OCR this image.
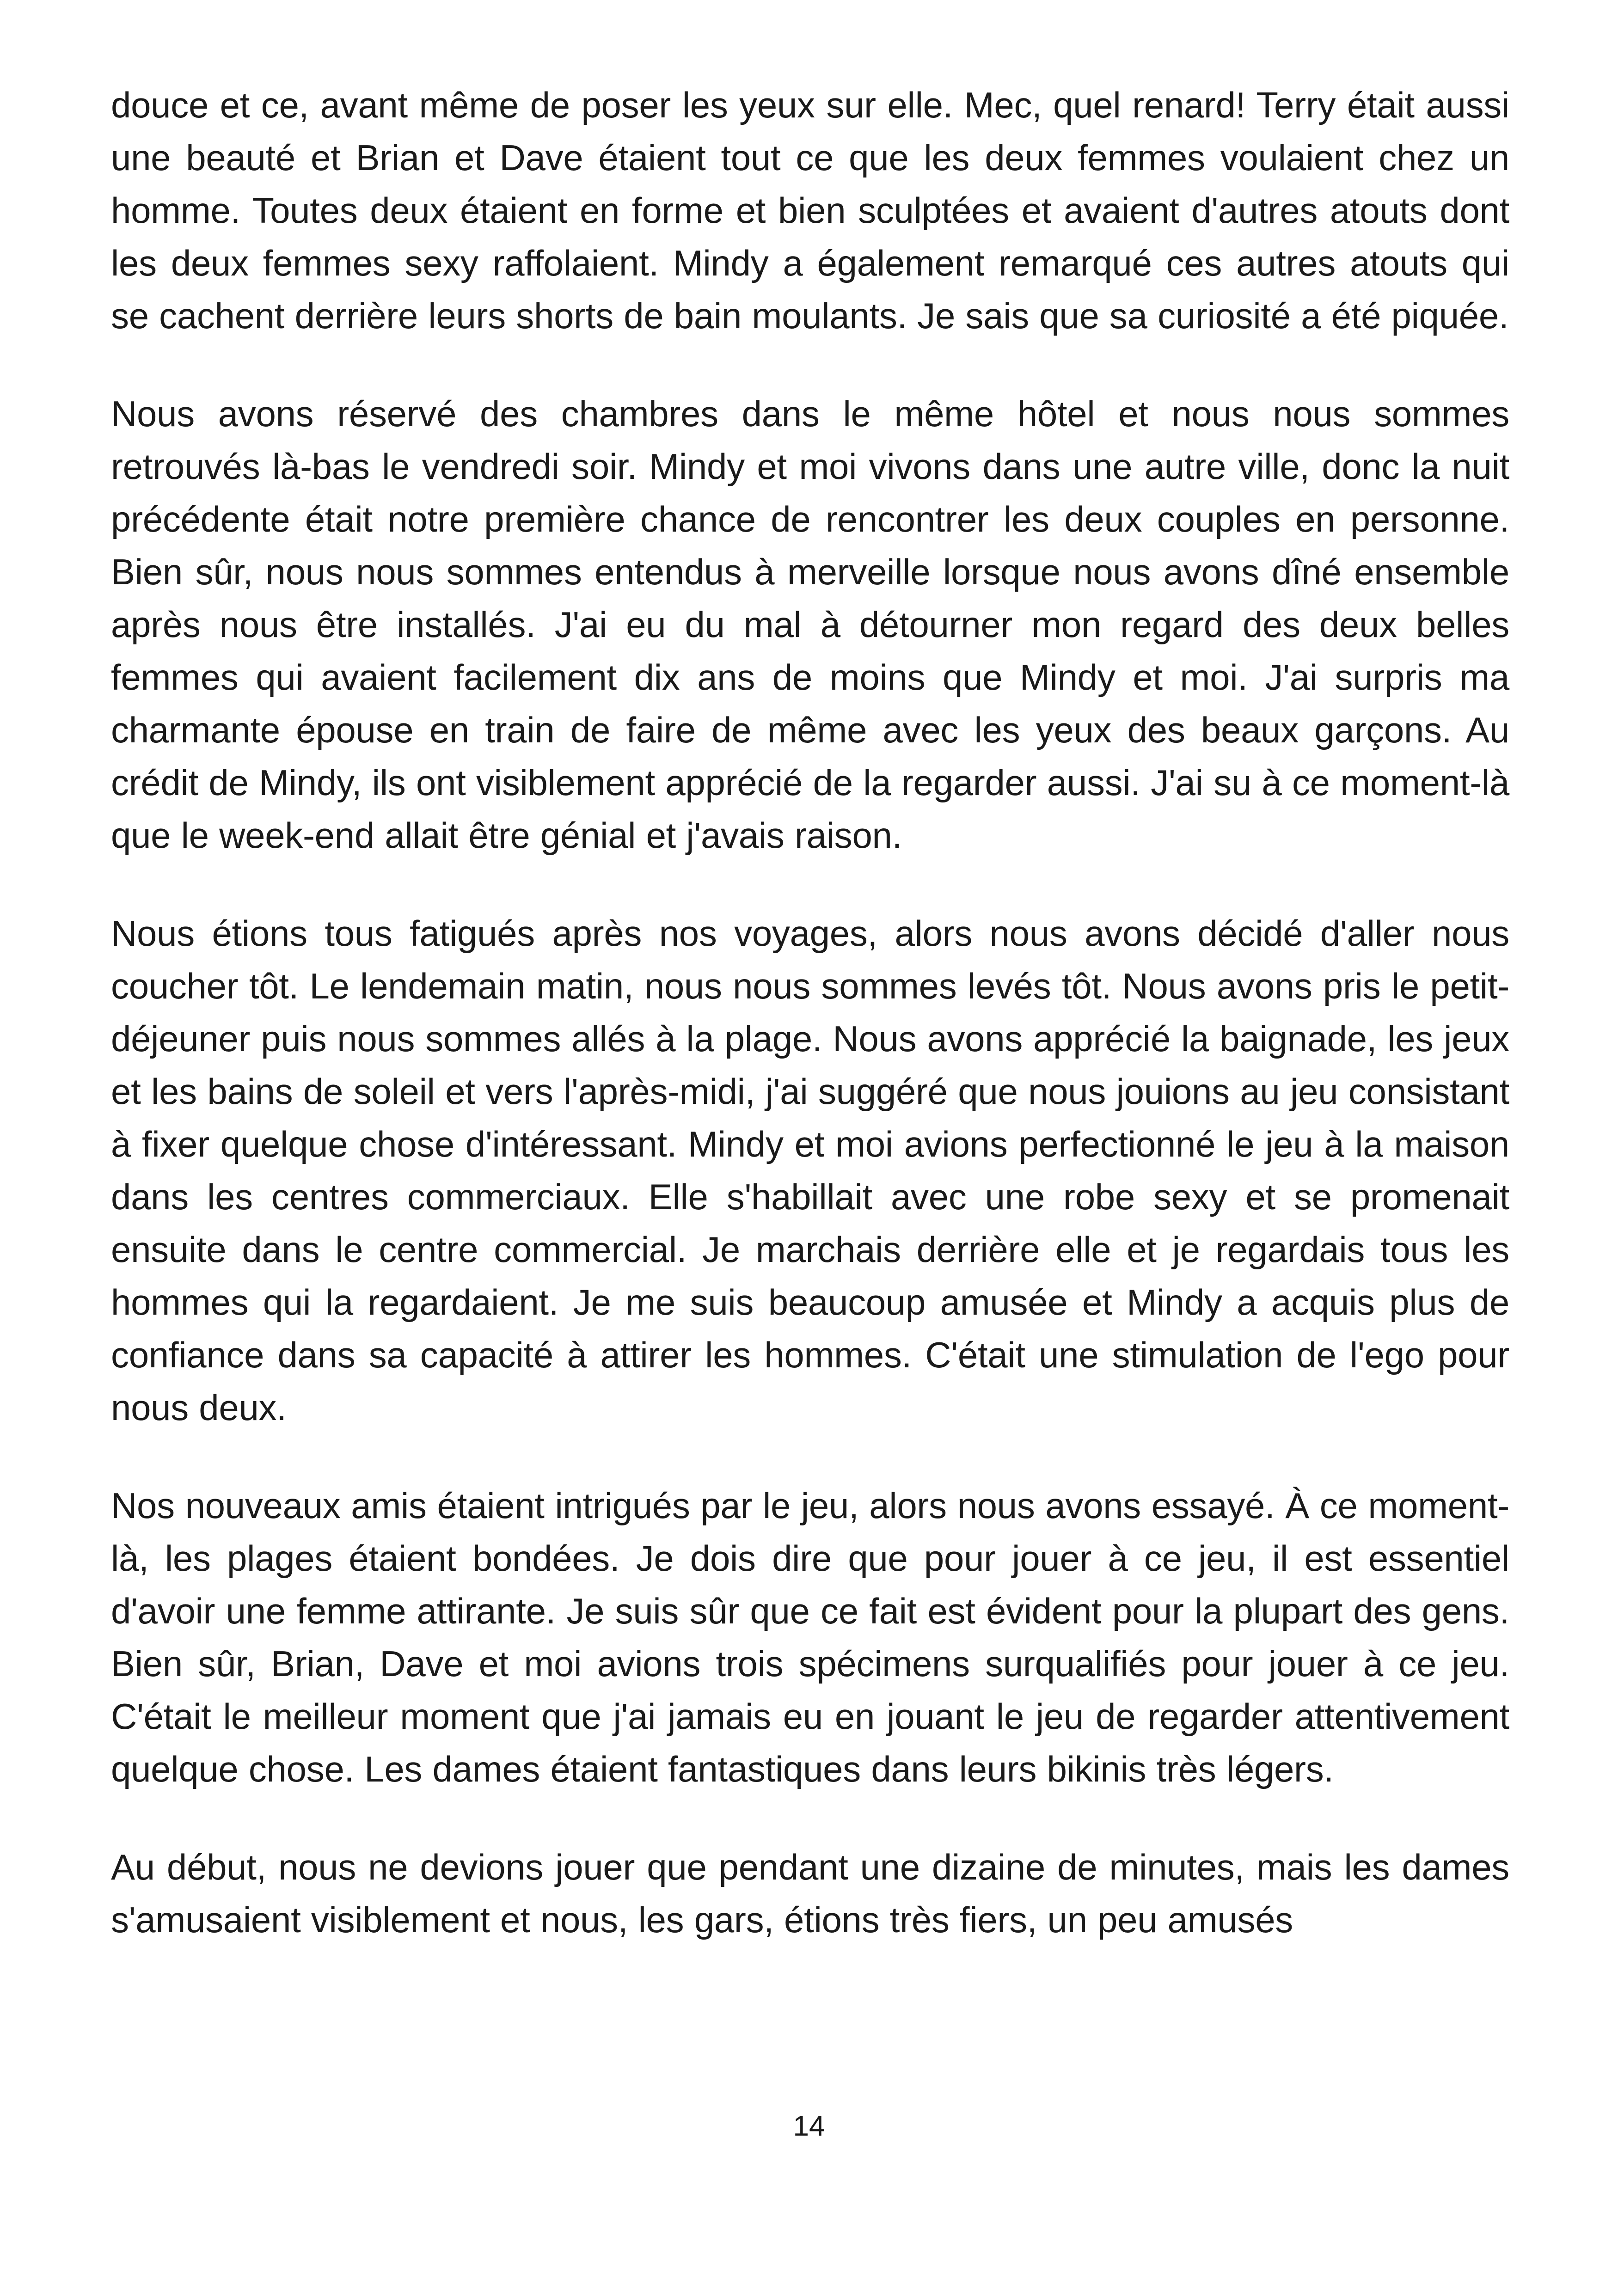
douce et ce, avant même de poser les yeux sur elle. Mec, quel renard! Terry était aussi une beauté et Brian et Dave étaient tout ce que les deux femmes voulaient chez un homme. Toutes deux étaient en forme et bien sculptées et avaient d'autres atouts dont les deux femmes sexy raffolaient. Mindy a également remarqué ces autres atouts qui se cachent derrière leurs shorts de bain moulants. Je sais que sa curiosité a été piquée.

Nous avons réservé des chambres dans le même hôtel et nous nous sommes retrouvés là-bas le vendredi soir. Mindy et moi vivons dans une autre ville, donc la nuit précédente était notre première chance de rencontrer les deux couples en personne. Bien sûr, nous nous sommes entendus à merveille lorsque nous avons dîné ensemble après nous être installés. J'ai eu du mal à détourner mon regard des deux belles femmes qui avaient facilement dix ans de moins que Mindy et moi. J'ai surpris ma charmante épouse en train de faire de même avec les yeux des beaux garçons. Au crédit de Mindy, ils ont visiblement apprécié de la regarder aussi. J'ai su à ce moment-là que le week-end allait être génial et j'avais raison.

Nous étions tous fatigués après nos voyages, alors nous avons décidé d'aller nous coucher tôt. Le lendemain matin, nous nous sommes levés tôt. Nous avons pris le petit-déjeuner puis nous sommes allés à la plage. Nous avons apprécié la baignade, les jeux et les bains de soleil et vers l'après-midi, j'ai suggéré que nous jouions au jeu consistant à fixer quelque chose d'intéressant. Mindy et moi avions perfectionné le jeu à la maison dans les centres commerciaux. Elle s'habillait avec une robe sexy et se promenait ensuite dans le centre commercial. Je marchais derrière elle et je regardais tous les hommes qui la regardaient. Je me suis beaucoup amusée et Mindy a acquis plus de confiance dans sa capacité à attirer les hommes. C'était une stimulation de l'ego pour nous deux.

Nos nouveaux amis étaient intrigués par le jeu, alors nous avons essayé. À ce moment-là, les plages étaient bondées. Je dois dire que pour jouer à ce jeu, il est essentiel d'avoir une femme attirante. Je suis sûr que ce fait est évident pour la plupart des gens. Bien sûr, Brian, Dave et moi avions trois spécimens surqualifiés pour jouer à ce jeu. C'était le meilleur moment que j'ai jamais eu en jouant le jeu de regarder attentivement quelque chose. Les dames étaient fantastiques dans leurs bikinis très légers.

Au début, nous ne devions jouer que pendant une dizaine de minutes, mais les dames s'amusaient visiblement et nous, les gars, étions très fiers, un peu amusés

14
